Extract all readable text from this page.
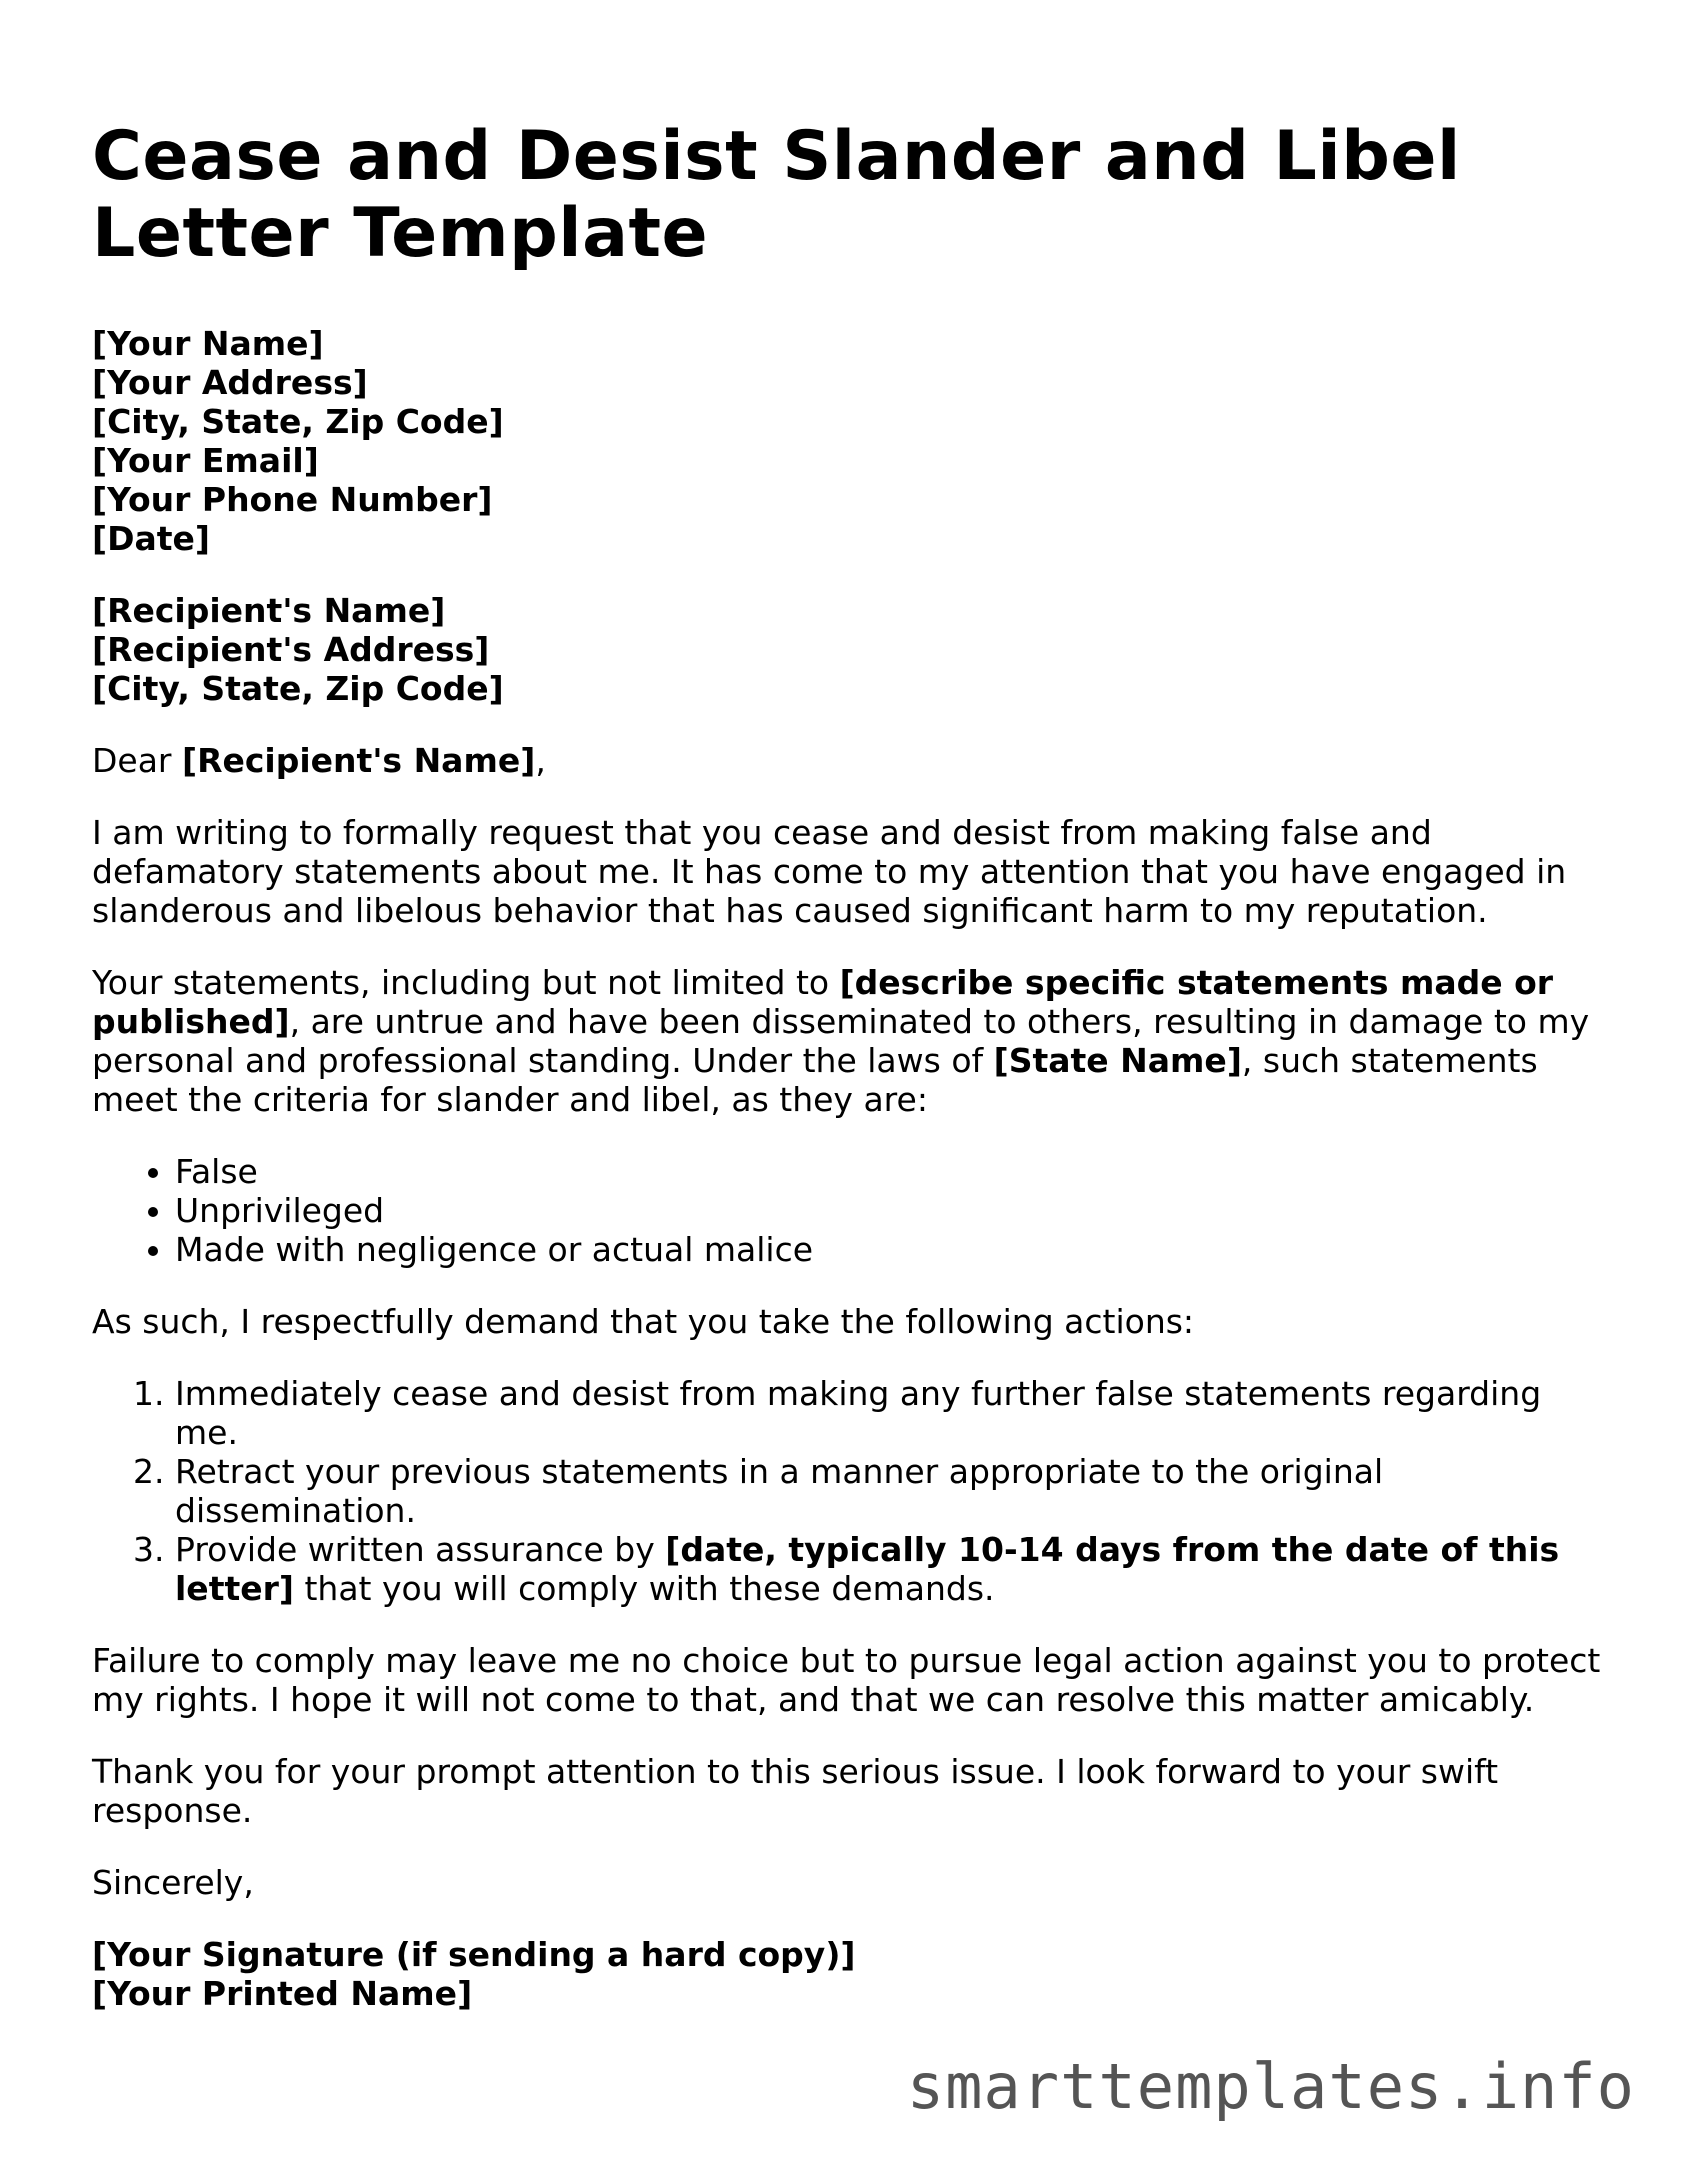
Cease and Desist Slander and Libel Letter Template
[Your Name]
[Your Address]
[City, State, Zip Code]
[Your Email]
[Your Phone Number]
[Date]
[Recipient's Name]
[Recipient's Address]
[City, State, Zip Code]

Dear [Recipient's Name],

I am writing to formally request that you cease and desist from making false and defamatory statements about me. It has come to my attention that you have engaged in slanderous and libelous behavior that has caused significant harm to my reputation.

Your statements, including but not limited to [describe specific statements made or published], are untrue and have been disseminated to others, resulting in damage to my personal and professional standing. Under the laws of [State Name], such statements meet the criteria for slander and libel, as they are:

• False
• Unprivileged
• Made with negligence or actual malice

As such, I respectfully demand that you take the following actions:

1. Immediately cease and desist from making any further false statements regarding me.
2. Retract your previous statements in a manner appropriate to the original dissemination.
3. Provide written assurance by [date, typically 10-14 days from the date of this letter] that you will comply with these demands.

Failure to comply may leave me no choice but to pursue legal action against you to protect my rights. I hope it will not come to that, and that we can resolve this matter amicably.

Thank you for your prompt attention to this serious issue. I look forward to your swift response.

Sincerely,

[Your Signature (if sending a hard copy)]
[Your Printed Name]
smarttemplates.info
